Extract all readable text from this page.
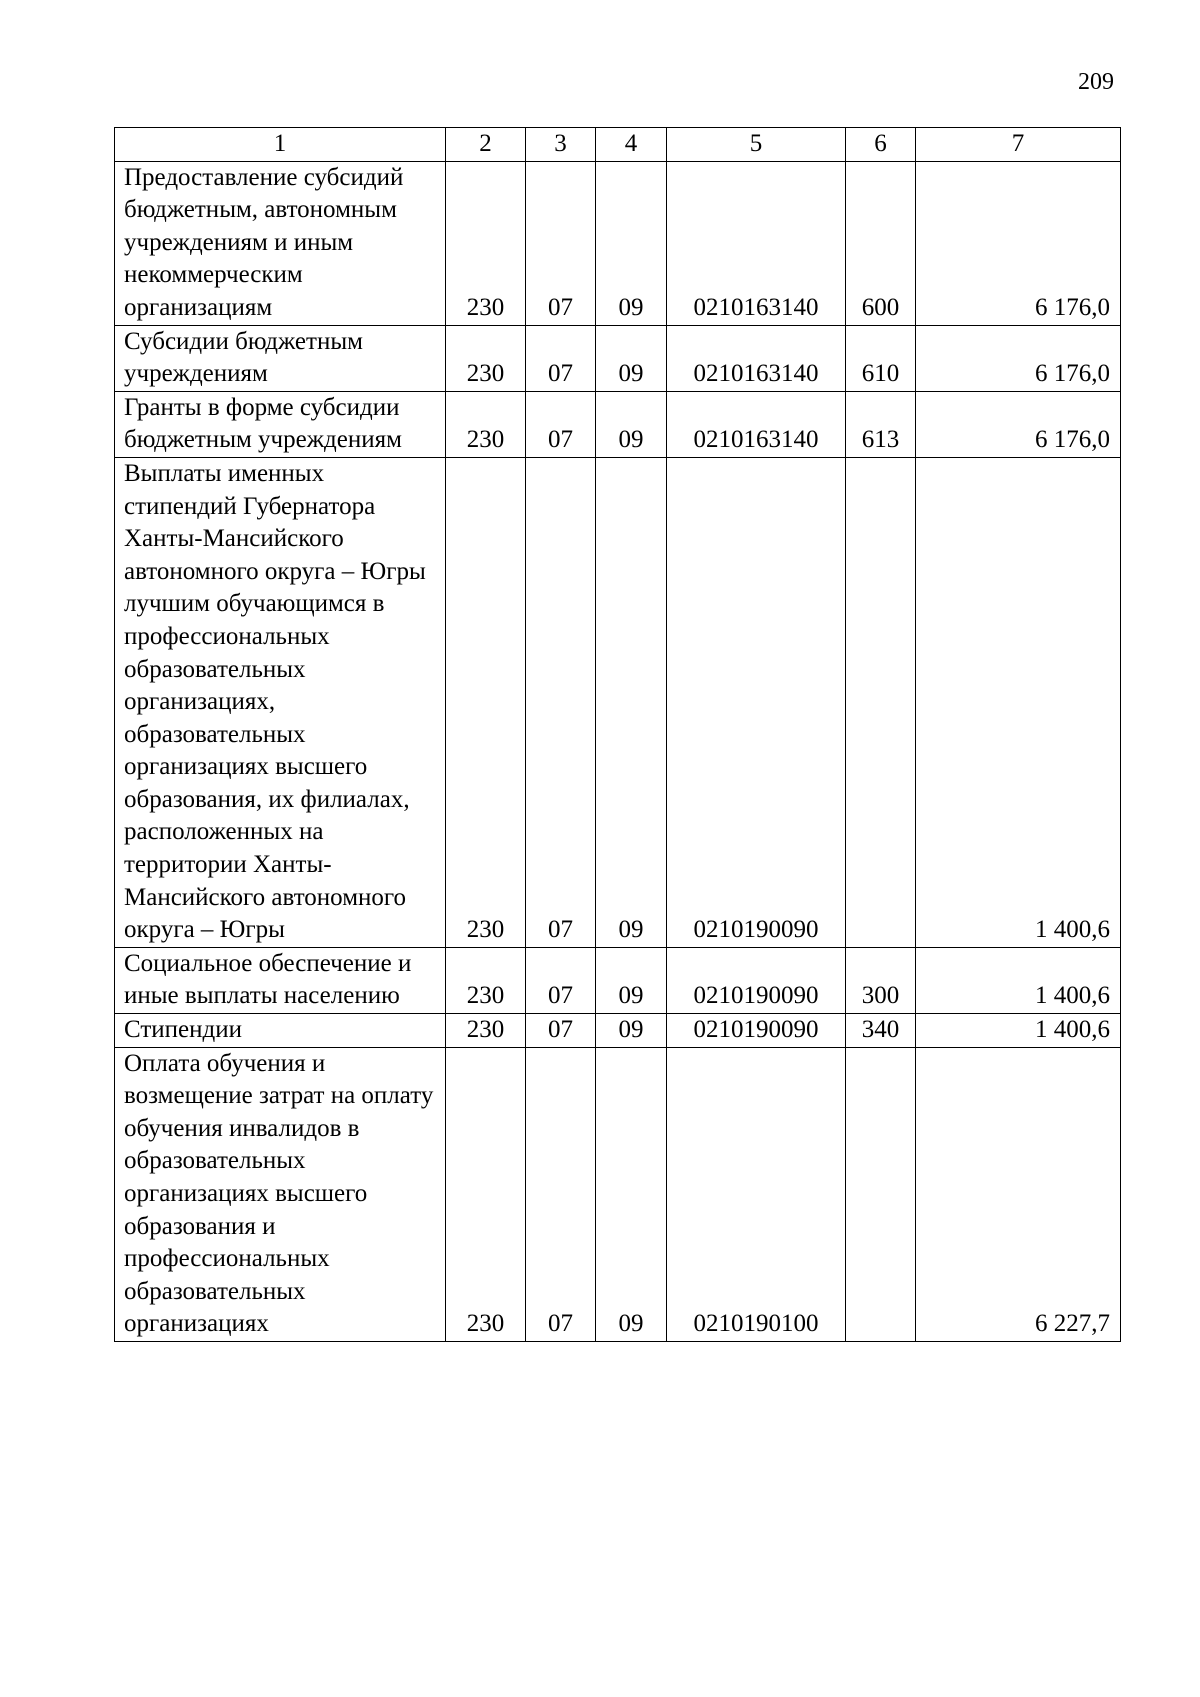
209
1	2	3	4	5	6	7
Предоставление субсидий бюджетным, автономным учреждениям и иным некоммерческим организациям	230	07	09	0210163140	600	6 176,0
Субсидии бюджетным учреждениям	230	07	09	0210163140	610	6 176,0
Гранты в форме субсидии бюджетным учреждениям	230	07	09	0210163140	613	6 176,0
Выплаты именных стипендий Губернатора Ханты-Мансийского автономного округа – Югры лучшим обучающимся в профессиональных образовательных организациях, образовательных организациях высшего образования, их филиалах, расположенных на территории Ханты-Мансийского автономного округа – Югры	230	07	09	0210190090		1 400,6
Социальное обеспечение и иные выплаты населению	230	07	09	0210190090	300	1 400,6
Стипендии	230	07	09	0210190090	340	1 400,6
Оплата обучения и возмещение затрат на оплату обучения инвалидов в образовательных организациях высшего образования и профессиональных образовательных организациях	230	07	09	0210190100		6 227,7
